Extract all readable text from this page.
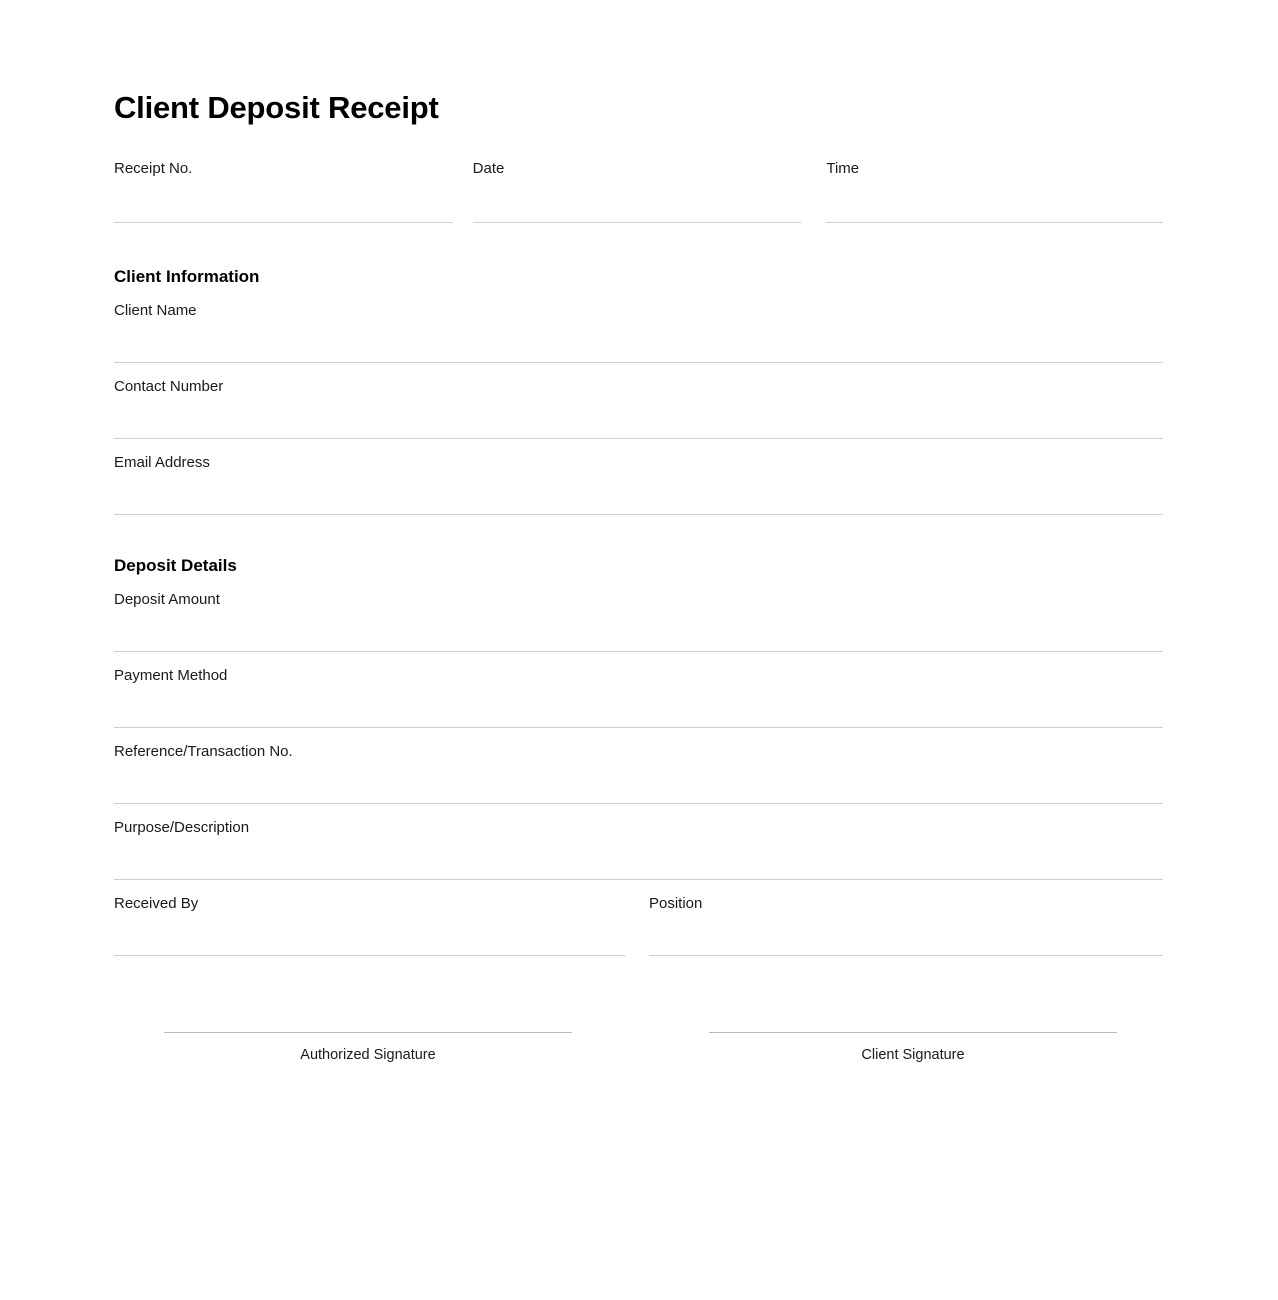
Client Deposit Receipt
Receipt No.	Date	Time
Client Information
Client Name
Contact Number
Email Address
Deposit Details
Deposit Amount
Payment Method
Reference/Transaction No.
Purpose/Description
Received By	Position
Authorized Signature	Client Signature
